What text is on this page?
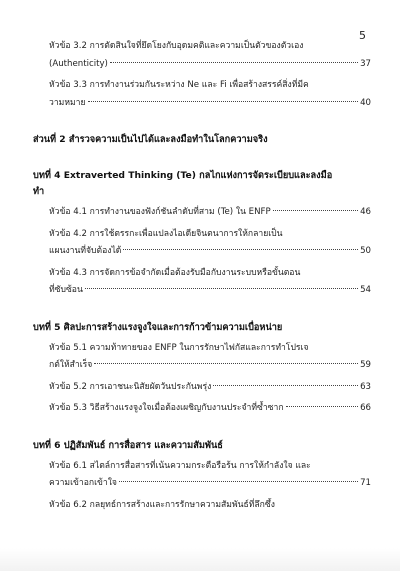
5
หัวข้อ 3.2 การตัดสินใจที่ยึดโยงกับอุดมคติและความเป็นตัวของตัวเอง
(Authenticity)	37
หัวข้อ 3.3 การทำงานร่วมกันระหว่าง Ne และ Fi เพื่อสร้างสรรค์สิ่งที่มีค
วามหมาย	40
ส่วนที่ 2 สำรวจความเป็นไปได้และลงมือทำในโลกความจริง
บทที่ 4 Extraverted Thinking (Te) กลไกแห่งการจัดระเบียบและลงมือ
ทำ
หัวข้อ 4.1 การทำงานของฟังก์ชันลำดับที่สาม (Te) ใน ENFP	46
หัวข้อ 4.2 การใช้ตรรกะเพื่อแปลงไอเดียจินตนาการให้กลายเป็น
แผนงานที่จับต้องได้	50
หัวข้อ 4.3 การจัดการข้อจำกัดเมื่อต้องรับมือกับงานระบบหรือขั้นตอน
ที่ซับซ้อน	54
บทที่ 5 ศิลปะการสร้างแรงจูงใจและการก้าวข้ามความเบื่อหน่าย
หัวข้อ 5.1 ความท้าทายของ ENFP ในการรักษาไฟกัสและการทำโปรเจ
กต์ให้สำเร็จ	59
หัวข้อ 5.2 การเอาชนะนิสัยผัดวันประกันพรุ่ง	63
หัวข้อ 5.3 วิธีสร้างแรงจูงใจเมื่อต้องเผชิญกับงานประจำที่ซ้ำซาก	66
บทที่ 6 ปฏิสัมพันธ์ การสื่อสาร และความสัมพันธ์
หัวข้อ 6.1 สไตล์การสื่อสารที่เน้นความกระตือรือร้น การให้กำลังใจ และ
ความเข้าอกเข้าใจ	71
หัวข้อ 6.2 กลยุทธ์การสร้างและการรักษาความสัมพันธ์ที่ลึกซึ้ง
